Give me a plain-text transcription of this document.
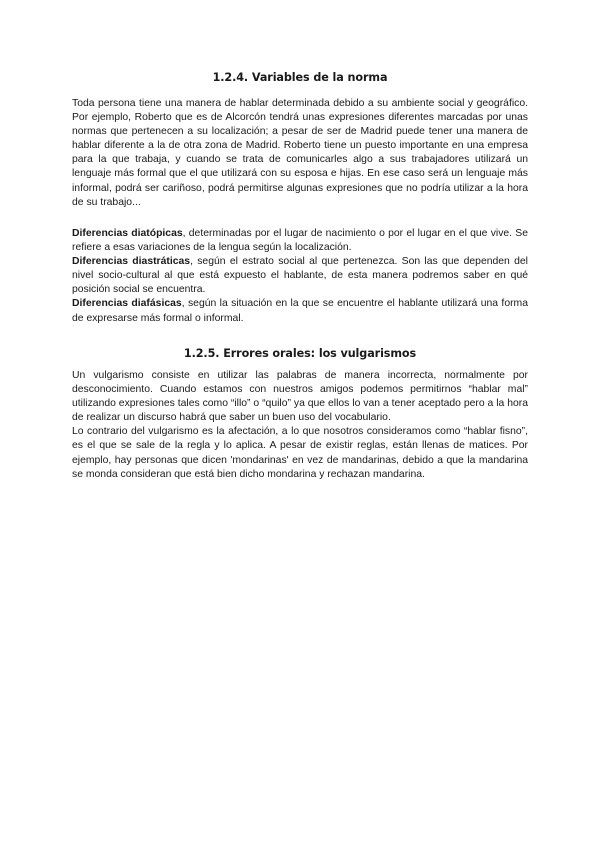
1.2.4. Variables de la norma

Toda persona tiene una manera de hablar determinada debido a su ambiente social y geográfico. Por ejemplo, Roberto que es de Alcorcón tendrá unas expresiones diferentes marcadas por unas normas que pertenecen a su localización; a pesar de ser de Madrid puede tener una manera de hablar diferente a la de otra zona de Madrid. Roberto tiene un puesto importante en una empresa para la que trabaja, y cuando se trata de comunicarles algo a sus trabajadores utilizará un lenguaje más formal que el que utilizará con su esposa e hijas. En ese caso será un lenguaje más informal, podrá ser cariñoso, podrá permitirse algunas expresiones que no podría utilizar a la hora de su trabajo...

Diferencias diatópicas, determinadas por el lugar de nacimiento o por el lugar en el que vive. Se refiere a esas variaciones de la lengua según la localización.
Diferencias diastráticas, según el estrato social al que pertenezca. Son las que dependen del nivel socio-cultural al que está expuesto el hablante, de esta manera podremos saber en qué posición social se encuentra.
Diferencias diafásicas, según la situación en la que se encuentre el hablante utilizará una forma de expresarse más formal o informal.

1.2.5. Errores orales: los vulgarismos

Un vulgarismo consiste en utilizar las palabras de manera incorrecta, normalmente por desconocimiento. Cuando estamos con nuestros amigos podemos permitirnos “hablar mal” utilizando expresiones tales como “illo” o “quilo” ya que ellos lo van a tener aceptado pero a la hora de realizar un discurso habrá que saber un buen uso del vocabulario.
Lo contrario del vulgarismo es la afectación, a lo que nosotros consideramos como “hablar fisno”, es el que se sale de la regla y lo aplica. A pesar de existir reglas, están llenas de matices. Por ejemplo, hay personas que dicen 'mondarinas' en vez de mandarinas, debido a que la mandarina se monda consideran que está bien dicho mondarina y rechazan mandarina.
